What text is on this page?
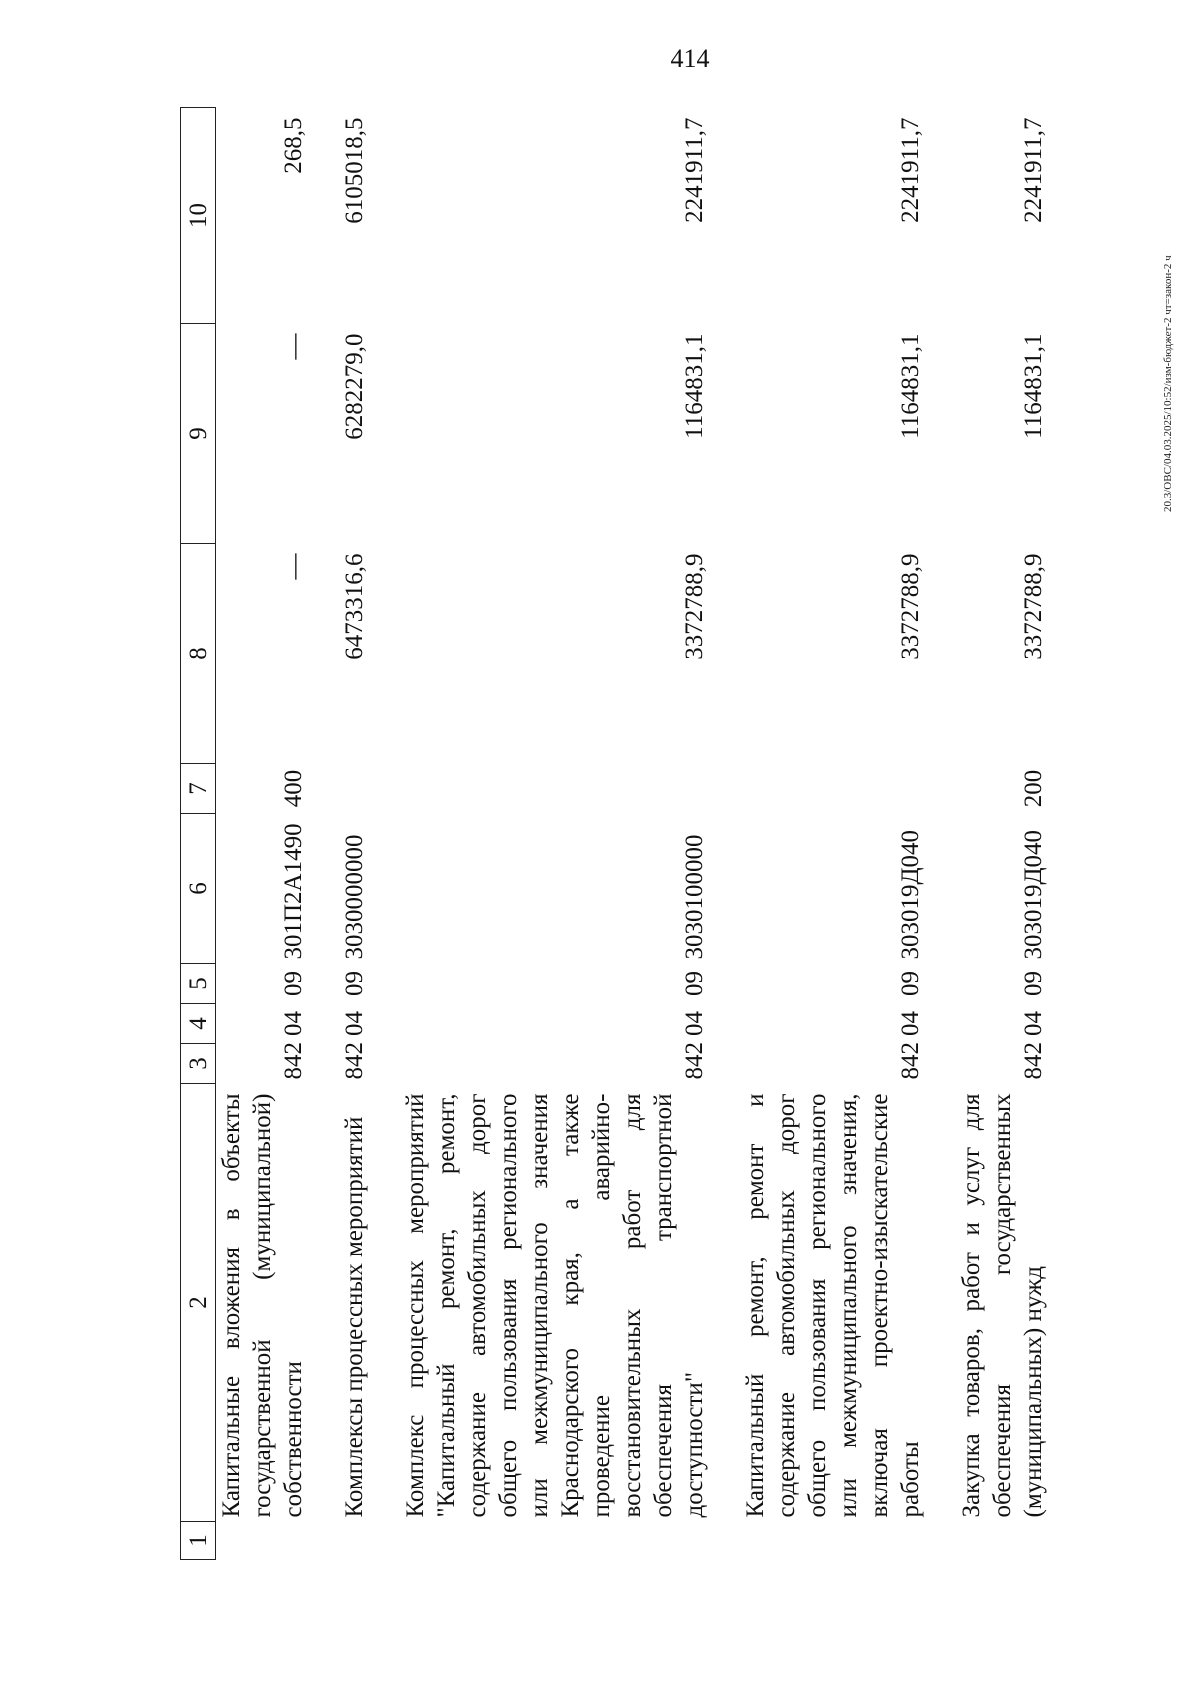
414
20.3/ОВС/04.03.2025/10:52/изм-бюджет-2 чт=закон-2 ч
1	2	3	4	5	6	7	8	9	10
	Капитальные вложения в объекты государственной (муниципальной) собственности	842	04	09	301П2А1490	400	—	—	268,5

	Комплексы процессных мероприятий	842	04	09	3030000000		6473316,6	6282279,0	6105018,5

	Комплекс процессных мероприятий "Капитальный ремонт, ремонт, содержание автомобильных дорог общего пользования регионального или межмуниципального значения Краснодарского края, а также проведение аварийно-восстановительных работ для обеспечения транспортной доступности"	842	04	09	3030100000		3372788,9	1164831,1	2241911,7

	Капитальный ремонт, ремонт и содержание автомобильных дорог общего пользования регионального или межмуниципального значения, включая проектно-изыскательские работы	842	04	09	303019Д040		3372788,9	1164831,1	2241911,7

	Закупка товаров, работ и услуг для обеспечения государственных (муниципальных) нужд	842	04	09	303019Д040	200	3372788,9	1164831,1	2241911,7
